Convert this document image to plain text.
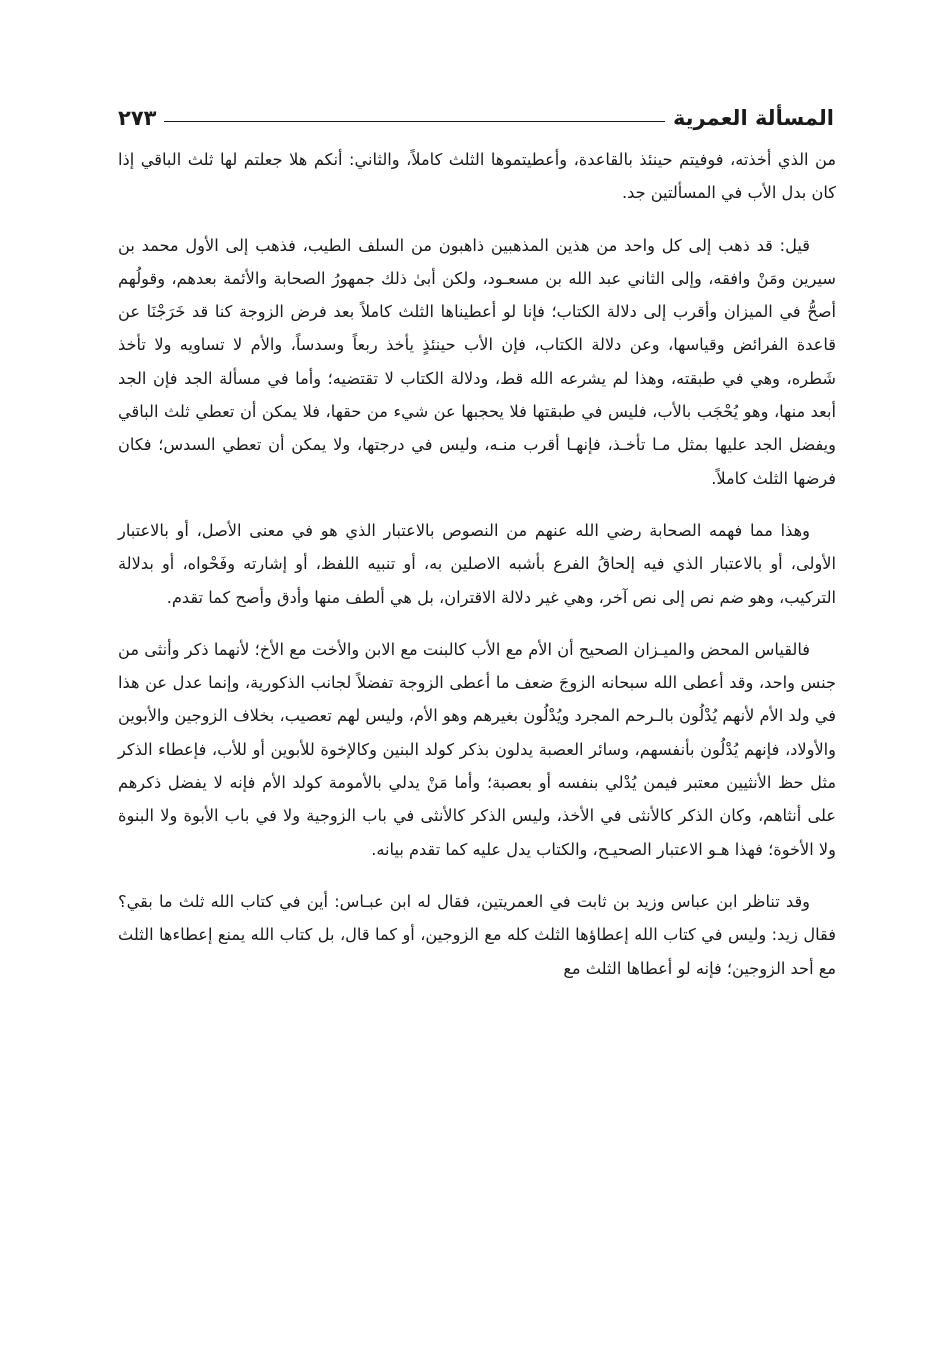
المسألة العمرية
٢٧٣

من الذي أخذته، فوفيتم حينئذ بالقاعدة، وأعطيتموها الثلث كاملاً، والثاني: أنكم هلا جعلتم لها ثلث الباقي إذا كان بدل الأب في المسألتين جد.

قيل: قد ذهب إلى كل واحد من هذين المذهبين ذاهبون من السلف الطيب، فذهب إلى الأول محمد بن سيرين ومَنْ وافقه، وإلى الثاني عبد الله بن مسعـود، ولكن أبىٰ ذلك جمهورُ الصحابة والأئمة بعدهم، وقولُهم أصحُّ في الميزان وأقرب إلى دلالة الكتاب؛ فإنا لو أعطيناها الثلث كاملاً بعد فرض الزوجة كنا قد خَرَجْنَا عن قاعدة الفرائض وقياسها، وعن دلالة الكتاب، فإن الأب حينئذٍ يأخذ ربعاً وسدساً، والأم لا تساويه ولا تأخذ شَطره، وهي في طبقته، وهذا لم يشرعه الله قط، ودلالة الكتاب لا تقتضيه؛ وأما في مسألة الجد فإن الجد أبعد منها، وهو يُحْجَب بالأب، فليس في طبقتها فلا يحجبها عن شيء من حقها، فلا يمكن أن تعطي ثلث الباقي ويفضل الجد عليها بمثل مـا تأخـذ، فإنهـا أقرب منـه، وليس في درجتها، ولا يمكن أن تعطي السدس؛ فكان فرضها الثلث كاملاً.

وهذا مما فهمه الصحابة رضي الله عنهم من النصوص بالاعتبار الذي هو في معنى الأصل، أو بالاعتبار الأولى، أو بالاعتبار الذي فيه إلحاقُ الفرع بأشبه الاصلين به، أو تنبيه اللفظ، أو إشارته وفَحْواه، أو بدلالة التركيب، وهو ضم نص إلى نص آخر، وهي غير دلالة الاقتران، بل هي ألطف منها وأدق وأصح كما تقدم.

فالقياس المحض والميـزان الصحيح أن الأم مع الأب كالبنت مع الابن والأخت مع الأخ؛ لأنهما ذكر وأنثى من جنس واحد، وقد أعطى الله سبحانه الزوجَ ضعف ما أعطى الزوجة تفضلاً لجانب الذكورية، وإنما عدل عن هذا في ولد الأم لأنهم يُدْلُون بالـرحم المجرد ويُدْلُون بغيرهم وهو الأم، وليس لهم تعصيب، بخلاف الزوجين والأبوين والأولاد، فإنهم يُدْلُون بأنفسهم، وسائر العصبة يدلون بذكر كولد البنين وكالإخوة للأبوين أو للأب، فإعطاء الذكر مثل حظ الأنثيين معتبر فيمن يُدْلي بنفسه أو بعصبة؛ وأما مَنْ يدلي بالأمومة كولد الأم فإنه لا يفضل ذكرهم على أنثاهم، وكان الذكر كالأنثى في الأخذ، وليس الذكر كالأنثى في باب الزوجية ولا في باب الأبوة ولا البنوة ولا الأخوة؛ فهذا هـو الاعتبار الصحيـح، والكتاب يدل عليه كما تقدم بيانه.

وقد تناظر ابن عباس وزيد بن ثابت في العمريتين، فقال له ابن عبـاس: أين في كتاب الله ثلث ما بقي؟ فقال زيد: وليس في كتاب الله إعطاؤها الثلث كله مع الزوجين، أو كما قال، بل كتاب الله يمنع إعطاءها الثلث مع أحد الزوجين؛ فإنه لو أعطاها الثلث مع
